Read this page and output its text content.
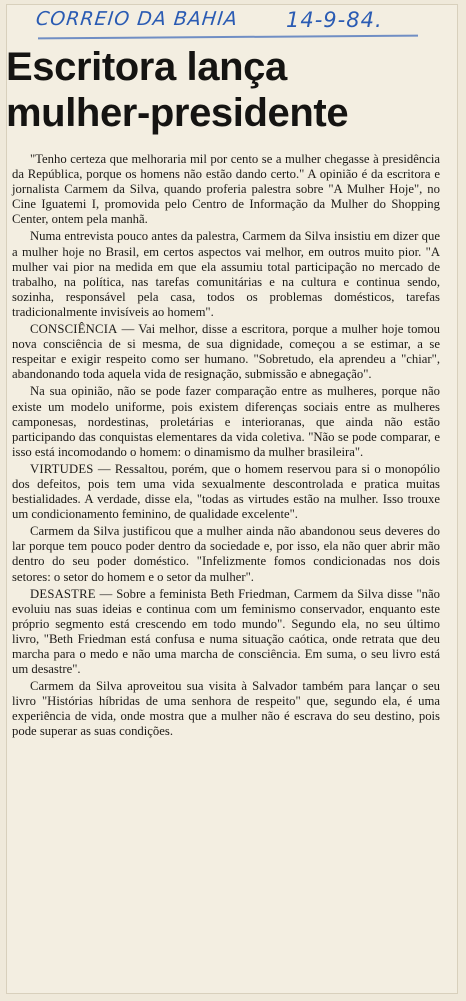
CORREIO DA BAHIA 14-9-84.
Escritora lança
mulher-presidente

"Tenho certeza que melhoraria mil por cento se a mulher chegasse à presidência da República, porque os homens não estão dando certo." A opinião é da escritora e jornalista Carmem da Silva, quando proferia palestra sobre "A Mulher Hoje", no Cine Iguatemi I, promovida pelo Centro de Informação da Mulher do Shopping Center, ontem pela manhã.

Numa entrevista pouco antes da palestra, Carmem da Silva insistiu em dizer que a mulher hoje no Brasil, em certos aspectos vai melhor, em outros muito pior. "A mulher vai pior na medida em que ela assumiu total participação no mercado de trabalho, na política, nas tarefas comunitárias e na cultura e continua sendo, sozinha, responsável pela casa, todos os problemas domésticos, tarefas tradicionalmente invisíveis ao homem".

CONSCIÊNCIA — Vai melhor, disse a escritora, porque a mulher hoje tomou nova consciência de si mesma, de sua dignidade, começou a se estimar, a se respeitar e exigir respeito como ser humano. "Sobretudo, ela aprendeu a "chiar", abandonando toda aquela vida de resignação, submissão e abnegação".

Na sua opinião, não se pode fazer comparação entre as mulheres, porque não existe um modelo uniforme, pois existem diferenças sociais entre as mulheres camponesas, nordestinas, proletárias e interioranas, que ainda não estão participando das conquistas elementares da vida coletiva. "Não se pode comparar, e isso está incomodando o homem: o dinamismo da mulher brasileira".

VIRTUDES — Ressaltou, porém, que o homem reservou para si o monopólio dos defeitos, pois tem uma vida sexualmente descontrolada e pratica muitas bestialidades. A verdade, disse ela, "todas as virtudes estão na mulher. Isso trouxe um condicionamento feminino, de qualidade excelente".

Carmem da Silva justificou que a mulher ainda não abandonou seus deveres do lar porque tem pouco poder dentro da sociedade e, por isso, ela não quer abrir mão dentro do seu poder doméstico. "Infelizmente fomos condicionadas nos dois setores: o setor do homem e o setor da mulher".

DESASTRE — Sobre a feminista Beth Friedman, Carmem da Silva disse "não evoluiu nas suas ideias e continua com um feminismo conservador, enquanto este próprio segmento está crescendo em todo mundo". Segundo ela, no seu último livro, "Beth Friedman está confusa e numa situação caótica, onde retrata que deu marcha para o medo e não uma marcha de consciência. Em suma, o seu livro está um desastre".

Carmem da Silva aproveitou sua visita à Salvador também para lançar o seu livro "Histórias híbridas de uma senhora de respeito" que, segundo ela, é uma experiência de vida, onde mostra que a mulher não é escrava do seu destino, pois pode superar as suas condições.
